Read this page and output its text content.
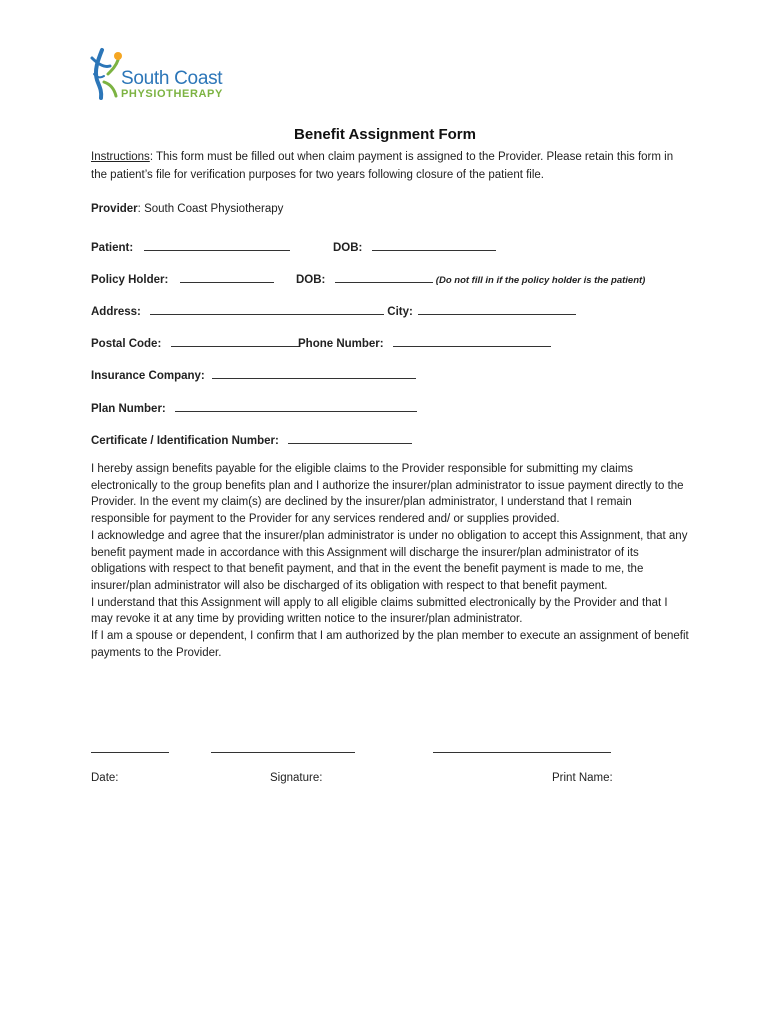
South Coast
PHYSIOTHERAPY
Benefit Assignment Form
Instructions: This form must be filled out when claim payment is assigned to the Provider. Please retain this form in the patient’s file for verification purposes for two years following closure of the patient file.
Provider: South Coast Physiotherapy
Patient:	DOB:
Policy Holder:	DOB:	(Do not fill in if the policy holder is the patient)
Address:	City:
Postal Code:	Phone Number:
Insurance Company:
Plan Number:
Certificate / Identification Number:

I hereby assign benefits payable for the eligible claims to the Provider responsible for submitting my claims electronically to the group benefits plan and I authorize the insurer/plan administrator to issue payment directly to the Provider. In the event my claim(s) are declined by the insurer/plan administrator, I understand that I remain responsible for payment to the Provider for any services rendered and/ or supplies provided.

I acknowledge and agree that the insurer/plan administrator is under no obligation to accept this Assignment, that any benefit payment made in accordance with this Assignment will discharge the insurer/plan administrator of its obligations with respect to that benefit payment, and that in the event the benefit payment is made to me, the insurer/plan administrator will also be discharged of its obligation with respect to that benefit payment.

I understand that this Assignment will apply to all eligible claims submitted electronically by the Provider and that I may revoke it at any time by providing written notice to the insurer/plan administrator.

If I am a spouse or dependent, I confirm that I am authorized by the plan member to execute an assignment of benefit payments to the Provider.

Date:	Signature:	Print Name:
